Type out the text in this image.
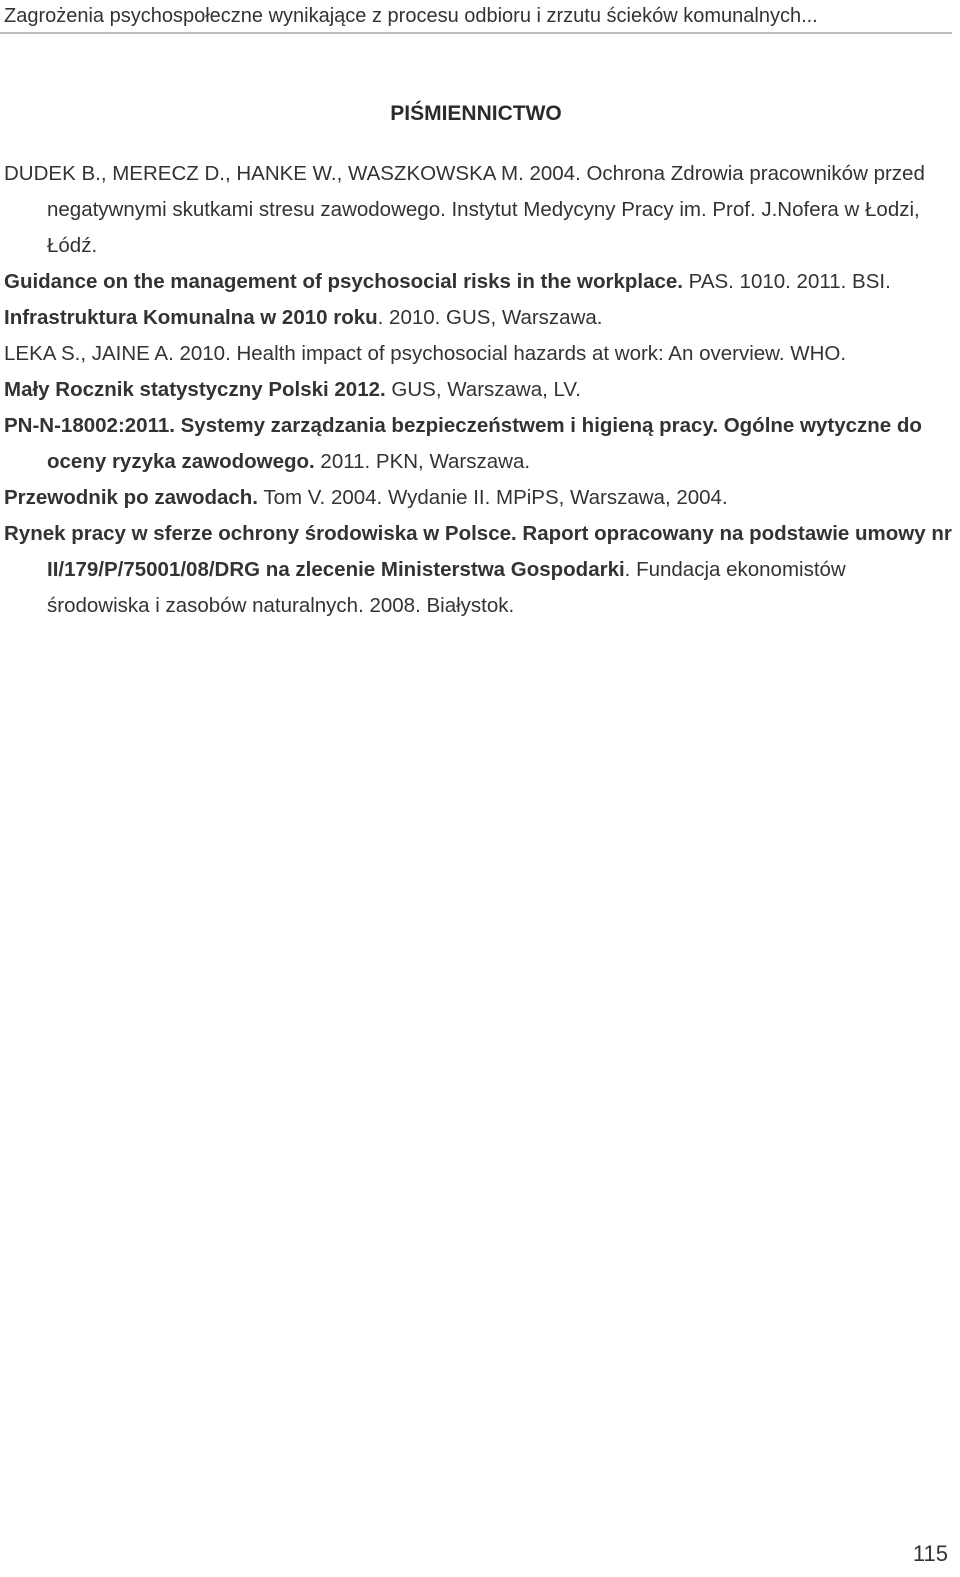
Zagrożenia psychospołeczne wynikające z procesu odbioru i zrzutu ścieków komunalnych...
PIŚMIENNICTWO
DUDEK B., MERECZ D., HANKE W., WASZKOWSKA M. 2004. Ochrona Zdrowia pracowników przed negatywnymi skutkami stresu zawodowego. Instytut Medycyny Pracy im. Prof. J.Nofera w Łodzi, Łódź.
Guidance on the management of psychosocial risks in the workplace. PAS. 1010. 2011. BSI.
Infrastruktura Komunalna w 2010 roku. 2010. GUS, Warszawa.
LEKA S., JAINE A. 2010. Health impact of psychosocial hazards at work: An overview. WHO.
Mały Rocznik statystyczny Polski 2012. GUS, Warszawa, LV.
PN-N-18002:2011. Systemy zarządzania bezpieczeństwem i higieną pracy. Ogólne wytyczne do oceny ryzyka zawodowego. 2011. PKN, Warszawa.
Przewodnik po zawodach. Tom V. 2004. Wydanie II. MPiPS, Warszawa, 2004.
Rynek pracy w sferze ochrony środowiska w Polsce. Raport opracowany na podstawie umowy nr II/179/P/75001/08/DRG na zlecenie Ministerstwa Gospodarki. Fundacja ekonomistów środowiska i zasobów naturalnych. 2008. Białystok.
115
